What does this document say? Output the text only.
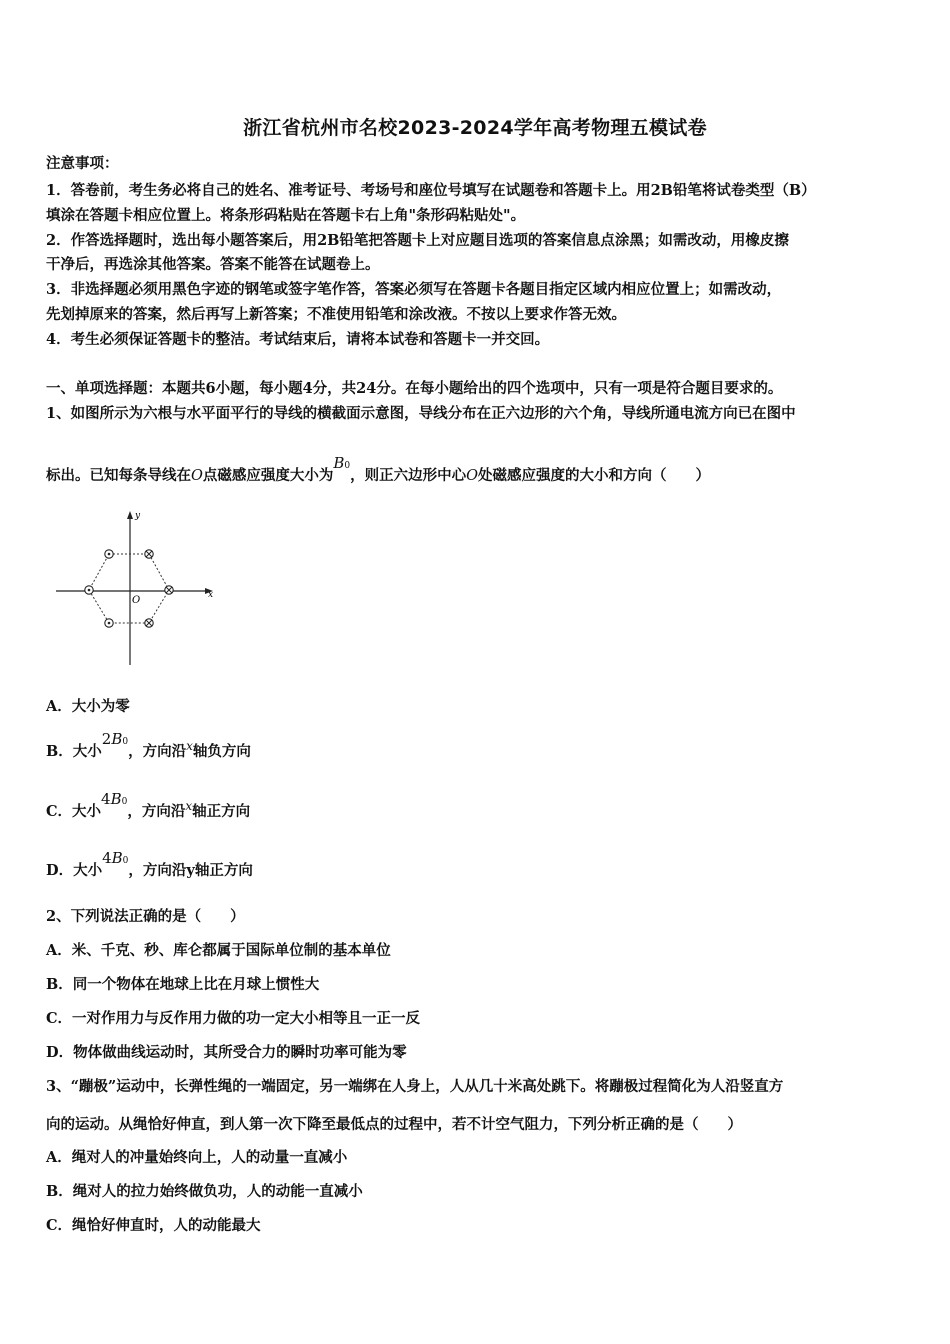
浙江省杭州市名校2023-2024学年高考物理五模试卷
注意事项：
1．答卷前，考生务必将自己的姓名、准考证号、考场号和座位号填写在试题卷和答题卡上。用2B铅笔将试卷类型（B）
填涂在答题卡相应位置上。将条形码粘贴在答题卡右上角"条形码粘贴处"。
2．作答选择题时，选出每小题答案后，用2B铅笔把答题卡上对应题目选项的答案信息点涂黑；如需改动，用橡皮擦
干净后，再选涂其他答案。答案不能答在试题卷上。
3．非选择题必须用黑色字迹的钢笔或签字笔作答，答案必须写在答题卡各题目指定区域内相应位置上；如需改动，
先划掉原来的答案，然后再写上新答案；不准使用铅笔和涂改液。不按以上要求作答无效。
4．考生必须保证答题卡的整洁。考试结束后，请将本试卷和答题卡一并交回。
一、单项选择题：本题共6小题，每小题4分，共24分。在每小题给出的四个选项中，只有一项是符合题目要求的。
1、如图所示为六根与水平面平行的导线的横截面示意图，导线分布在正六边形的六个角，导线所通电流方向已在图中
标出。已知每条导线在O点磁感应强度大小为B0，则正六边形中心O处磁感应强度的大小和方向（　　）
x
y
O
A．大小为零
B．大小2B0，方向沿$^x$轴负方向
C．大小4B0，方向沿$^x$轴正方向
D．大小4B0，方向沿y轴正方向
2、下列说法正确的是（　　）
A．米、千克、秒、库仑都属于国际单位制的基本单位
B．同一个物体在地球上比在月球上惯性大
C．一对作用力与反作用力做的功一定大小相等且一正一反
D．物体做曲线运动时，其所受合力的瞬时功率可能为零
3、“蹦极”运动中，长弹性绳的一端固定，另一端绑在人身上，人从几十米高处跳下。将蹦极过程简化为人沿竖直方
向的运动。从绳恰好伸直，到人第一次下降至最低点的过程中，若不计空气阻力，下列分析正确的是（　　）
A．绳对人的冲量始终向上，人的动量一直减小
B．绳对人的拉力始终做负功，人的动能一直减小
C．绳恰好伸直时，人的动能最大
